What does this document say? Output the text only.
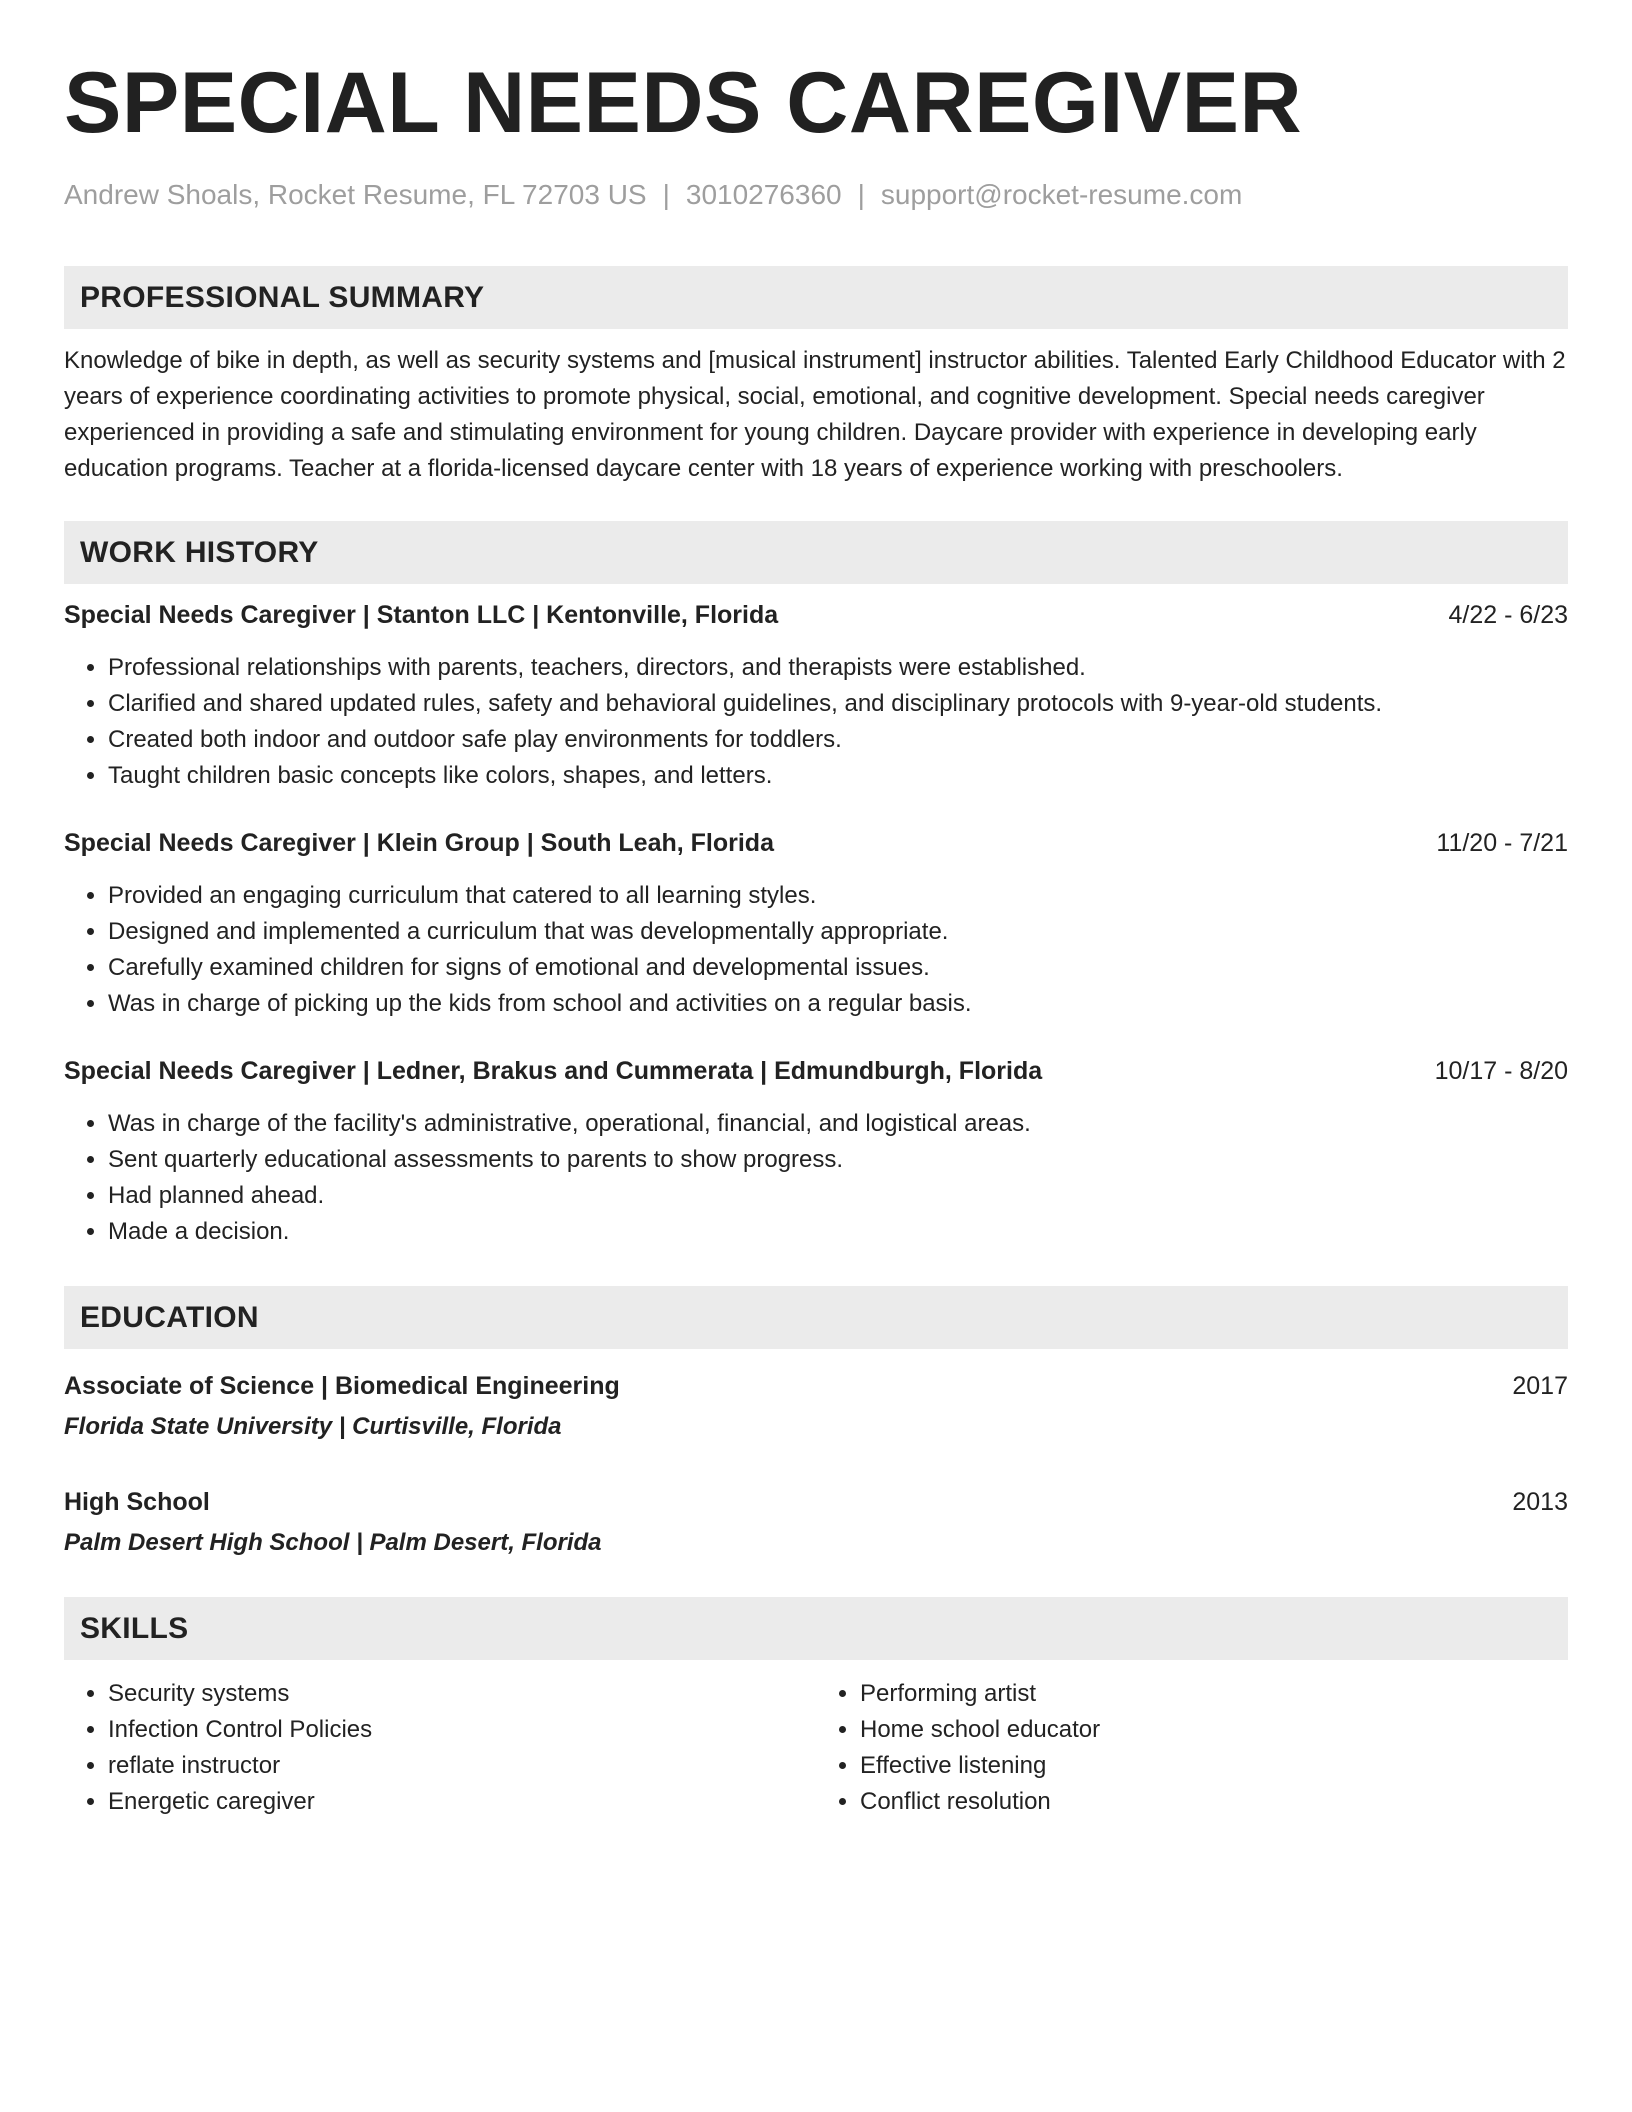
SPECIAL NEEDS CAREGIVER
Andrew Shoals, Rocket Resume, FL 72703 US | 3010276360 | support@rocket-resume.com
PROFESSIONAL SUMMARY

Knowledge of bike in depth, as well as security systems and [musical instrument] instructor abilities. Talented Early Childhood Educator with 2 years of experience coordinating activities to promote physical, social, emotional, and cognitive development. Special needs caregiver experienced in providing a safe and stimulating environment for young children. Daycare provider with experience in developing early education programs. Teacher at a florida-licensed daycare center with 18 years of experience working with preschoolers.

WORK HISTORY
Special Needs Caregiver | Stanton LLC | Kentonville, Florida	4/22 - 6/23
• Professional relationships with parents, teachers, directors, and therapists were established.
• Clarified and shared updated rules, safety and behavioral guidelines, and disciplinary protocols with 9-year-old students.
• Created both indoor and outdoor safe play environments for toddlers.
• Taught children basic concepts like colors, shapes, and letters.
Special Needs Caregiver | Klein Group | South Leah, Florida	11/20 - 7/21
• Provided an engaging curriculum that catered to all learning styles.
• Designed and implemented a curriculum that was developmentally appropriate.
• Carefully examined children for signs of emotional and developmental issues.
• Was in charge of picking up the kids from school and activities on a regular basis.
Special Needs Caregiver | Ledner, Brakus and Cummerata | Edmundburgh, Florida	10/17 - 8/20
• Was in charge of the facility's administrative, operational, financial, and logistical areas.
• Sent quarterly educational assessments to parents to show progress.
• Had planned ahead.
• Made a decision.
EDUCATION
Associate of Science | Biomedical Engineering	2017
Florida State University | Curtisville, Florida
High School	2013
Palm Desert High School | Palm Desert, Florida
SKILLS
• Security systems
• Infection Control Policies
• reflate instructor
• Energetic caregiver
• Performing artist
• Home school educator
• Effective listening
• Conflict resolution
